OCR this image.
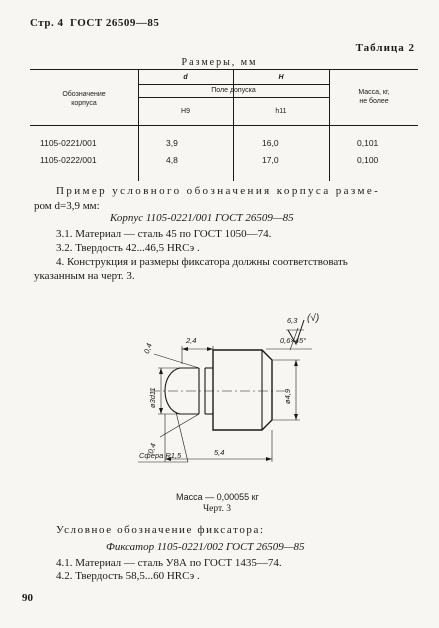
Стр. 4 ГОСТ 26509—85
Таблица 2
Размеры, мм
Обозначение
корпуса
d	H
Поле допуска
H9	h11
Масса, кг,
не более
1105-0221/001	3,9	16,0	0,101
1105-0222/001	4,8	17,0	0,100
Пример условного обозначения корпуса размe-
ром d=3,9 мм:
Корпус 1105-0221/001 ГОСТ 26509—85
3.1. Материал — сталь 45 по ГОСТ 1050—74.
3.2. Твердость 42...46,5 HRCэ .
4. Конструкция и размеры фиксатора должны соответствовать
указанным на черт. 3.
2,4	0,6×45°
6,3 (√)
0,4
0,4
ø3d11	ø4,9
Сфера R1,5	5,4
Масса — 0,00055 кг
Черт. 3
Условное обозначение фиксатора:
Фиксатор 1105-0221/002 ГОСТ 26509—85
4.1. Материал — сталь У8А по ГОСТ 1435—74.
4.2. Твердость 58,5...60 HRCэ .
90
